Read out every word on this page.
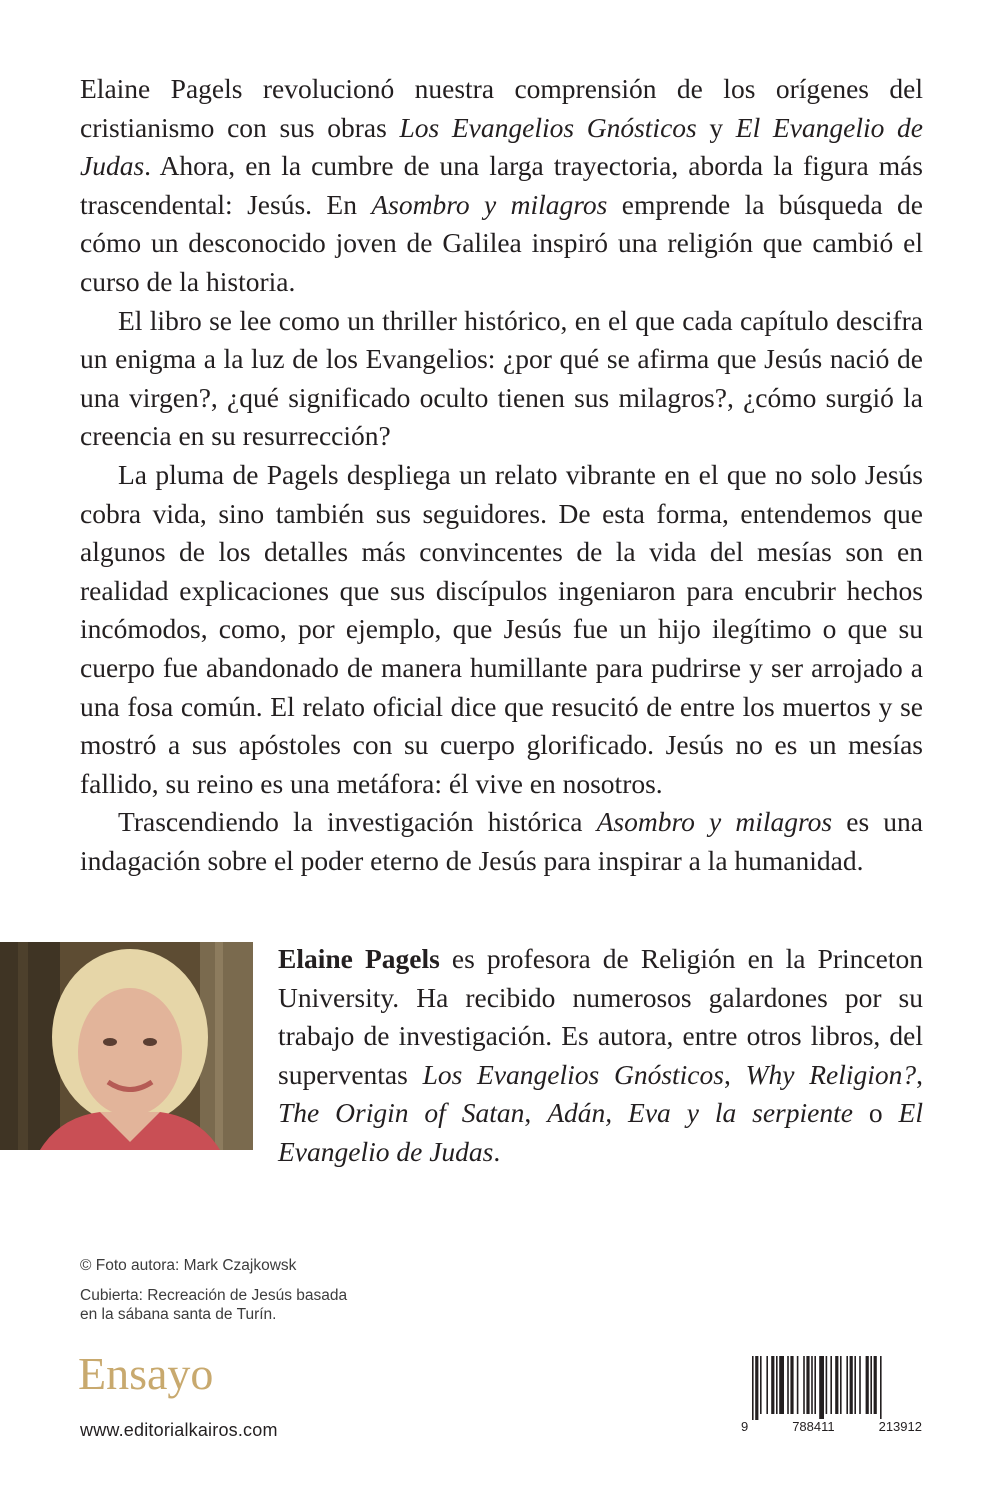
Elaine Pagels revolucionó nuestra comprensión de los orígenes del cristianismo con sus obras Los Evangelios Gnósticos y El Evangelio de Judas. Ahora, en la cumbre de una larga trayectoria, aborda la figura más trascendental: Jesús. En Asombro y milagros emprende la búsqueda de cómo un desconocido joven de Galilea inspiró una religión que cambió el curso de la historia.

El libro se lee como un thriller histórico, en el que cada capítulo descifra un enigma a la luz de los Evangelios: ¿por qué se afirma que Jesús nació de una virgen?, ¿qué significado oculto tienen sus milagros?, ¿cómo surgió la creencia en su resurrección?

La pluma de Pagels despliega un relato vibrante en el que no solo Jesús cobra vida, sino también sus seguidores. De esta forma, entendemos que algunos de los detalles más convincentes de la vida del mesías son en realidad explicaciones que sus discípulos ingeniaron para encubrir hechos incómodos, como, por ejemplo, que Jesús fue un hijo ilegítimo o que su cuerpo fue abandonado de manera humillante para pudrirse y ser arrojado a una fosa común. El relato oficial dice que resucitó de entre los muertos y se mostró a sus apóstoles con su cuerpo glorificado. Jesús no es un mesías fallido, su reino es una metáfora: él vive en nosotros.

Trascendiendo la investigación histórica Asombro y milagros es una indagación sobre el poder eterno de Jesús para inspirar a la humanidad.

Elaine Pagels es profesora de Religión en la Princeton University. Ha recibido numerosos galardones por su trabajo de investigación. Es autora, entre otros libros, del superventas Los Evangelios Gnósticos, Why Religion?, The Origin of Satan, Adán, Eva y la serpiente o El Evangelio de Judas.

© Foto autora: Mark Czajkowsk
Cubierta: Recreación de Jesús basada
en la sábana santa de Turín.
Ensayo
www.editorialkairos.com	9	788411	213912
